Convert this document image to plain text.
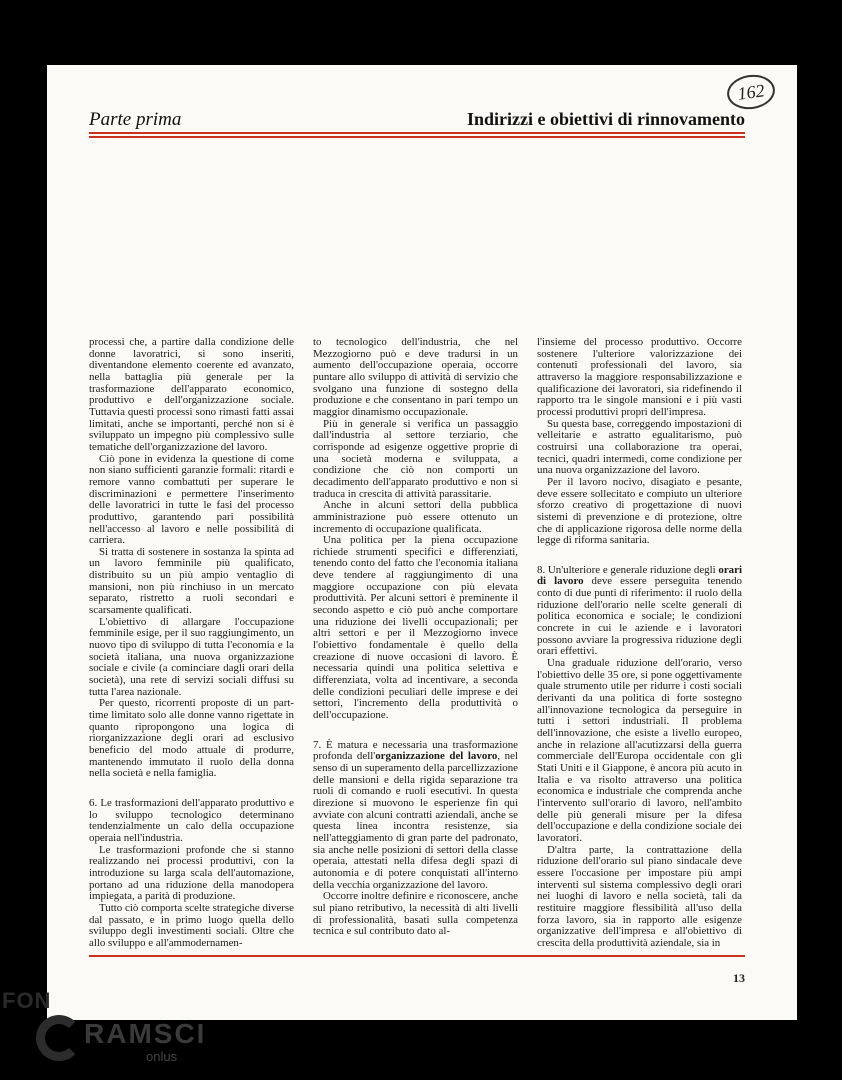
162
Parte prima	Indirizzi e obiettivi di rinnovamento

processi che, a partire dalla condizione delle donne lavoratrici, si sono inseriti, diventandone elemento coerente ed avanzato, nella battaglia più generale per la trasformazione dell'apparato economico, produttivo e dell'organizzazione sociale. Tuttavia questi processi sono rimasti fatti assai limitati, anche se importanti, perché non si è sviluppato un impegno più complessivo sulle tematiche dell'organizzazione del lavoro.

Ciò pone in evidenza la questione di come non siano sufficienti garanzie formali: ritardi e remore vanno combattuti per superare le discriminazioni e permettere l'inserimento delle lavoratrici in tutte le fasi del processo produttivo, garantendo pari possibilità nell'accesso al lavoro e nelle possibilità di carriera.

Si tratta di sostenere in sostanza la spinta ad un lavoro femminile più qualificato, distribuito su un più ampio ventaglio di mansioni, non più rinchiuso in un mercato separato, ristretto a ruoli secondari e scarsamente qualificati.

L'obiettivo di allargare l'occupazione femminile esige, per il suo raggiungimento, un nuovo tipo di sviluppo di tutta l'economia e la società italiana, una nuova organizzazione sociale e civile (a cominciare dagli orari della società), una rete di servizi sociali diffusi su tutta l'area nazionale.

Per questo, ricorrenti proposte di un part-time limitato solo alle donne vanno rigettate in quanto ripropongono una logica di riorganizzazione degli orari ad esclusivo beneficio del modo attuale di produrre, mantenendo immutato il ruolo della donna nella società e nella famiglia.

6. Le trasformazioni dell'apparato produttivo e lo sviluppo tecnologico determinano tendenzialmente un calo della occupazione operaia nell'industria.

Le trasformazioni profonde che si stanno realizzando nei processi produttivi, con la introduzione su larga scala dell'automazione, portano ad una riduzione della manodopera impiegata, a parità di produzione.

Tutto ciò comporta scelte strategiche diverse dal passato, e in primo luogo quella dello sviluppo degli investimenti sociali. Oltre che allo sviluppo e all'ammodernamen-

to tecnologico dell'industria, che nel Mezzogiorno può e deve tradursi in un aumento dell'occupazione operaia, occorre puntare allo sviluppo di attività di servizio che svolgano una funzione di sostegno della produzione e che consentano in pari tempo un maggior dinamismo occupazionale.

Più in generale si verifica un passaggio dall'industria al settore terziario, che corrisponde ad esigenze oggettive proprie di una società moderna e sviluppata, a condizione che ciò non comporti un decadimento dell'apparato produttivo e non si traduca in crescita di attività parassitarie.

Anche in alcuni settori della pubblica amministrazione può essere ottenuto un incremento di occupazione qualificata.

Una politica per la piena occupazione richiede strumenti specifici e differenziati, tenendo conto del fatto che l'economia italiana deve tendere al raggiungimento di una maggiore occupazione con più elevata produttività. Per alcuni settori è preminente il secondo aspetto e ciò può anche comportare una riduzione dei livelli occupazionali; per altri settori e per il Mezzogiorno invece l'obiettivo fondamentale è quello della creazione di nuove occasioni di lavoro. È necessaria quindi una politica selettiva e differenziata, volta ad incentivare, a seconda delle condizioni peculiari delle imprese e dei settori, l'incremento della produttività o dell'occupazione.

7. È matura e necessaria una trasformazione profonda dell'organizzazione del lavoro, nel senso di un superamento della parcellizzazione delle mansioni e della rigida separazione tra ruoli di comando e ruoli esecutivi. In questa direzione si muovono le esperienze fin qui avviate con alcuni contratti aziendali, anche se questa linea incontra resistenze, sia nell'atteggiamento di gran parte del padronato, sia anche nelle posizioni di settori della classe operaia, attestati nella difesa degli spazi di autonomia e di potere conquistati all'interno della vecchia organizzazione del lavoro.

Occorre inoltre definire e riconoscere, anche sul piano retributivo, la necessità di alti livelli di professionalità, basati sulla competenza tecnica e sul contributo dato al-

l'insieme del processo produttivo. Occorre sostenere l'ulteriore valorizzazione dei contenuti professionali del lavoro, sia attraverso la maggiore responsabilizzazione e qualificazione dei lavoratori, sia ridefinendo il rapporto tra le singole mansioni e i più vasti processi produttivi propri dell'impresa.

Su questa base, correggendo impostazioni di velleitarie e astratto egualitarismo, può costruirsi una collaborazione tra operai, tecnici, quadri intermedi, come condizione per una nuova organizzazione del lavoro.

Per il lavoro nocivo, disagiato e pesante, deve essere sollecitato e compiuto un ulteriore sforzo creativo di progettazione di nuovi sistemi di prevenzione e di protezione, oltre che di applicazione rigorosa delle norme della legge di riforma sanitaria.

8. Un'ulteriore e generale riduzione degli orari di lavoro deve essere perseguita tenendo conto di due punti di riferimento: il ruolo della riduzione dell'orario nelle scelte generali di politica economica e sociale; le condizioni concrete in cui le aziende e i lavoratori possono avviare la progressiva riduzione degli orari effettivi.

Una graduale riduzione dell'orario, verso l'obiettivo delle 35 ore, si pone oggettivamente quale strumento utile per ridurre i costi sociali derivanti da una politica di forte sostegno all'innovazione tecnologica da perseguire in tutti i settori industriali. Il problema dell'innovazione, che esiste a livello europeo, anche in relazione all'acutizzarsi della guerra commerciale dell'Europa occidentale con gli Stati Uniti e il Giappone, è ancora più acuto in Italia e va risolto attraverso una politica economica e industriale che comprenda anche l'intervento sull'orario di lavoro, nell'ambito delle più generali misure per la difesa dell'occupazione e della condizione sociale dei lavoratori.

D'altra parte, la contrattazione della riduzione dell'orario sul piano sindacale deve essere l'occasione per impostare più ampi interventi sul sistema complessivo degli orari nei luoghi di lavoro e nella società, tali da restituire maggiore flessibilità all'uso della forza lavoro, sia in rapporto alle esigenze organizzative dell'impresa e all'obiettivo di crescita della produttività aziendale, sia in

13
FON
RAMSCI
onlus
